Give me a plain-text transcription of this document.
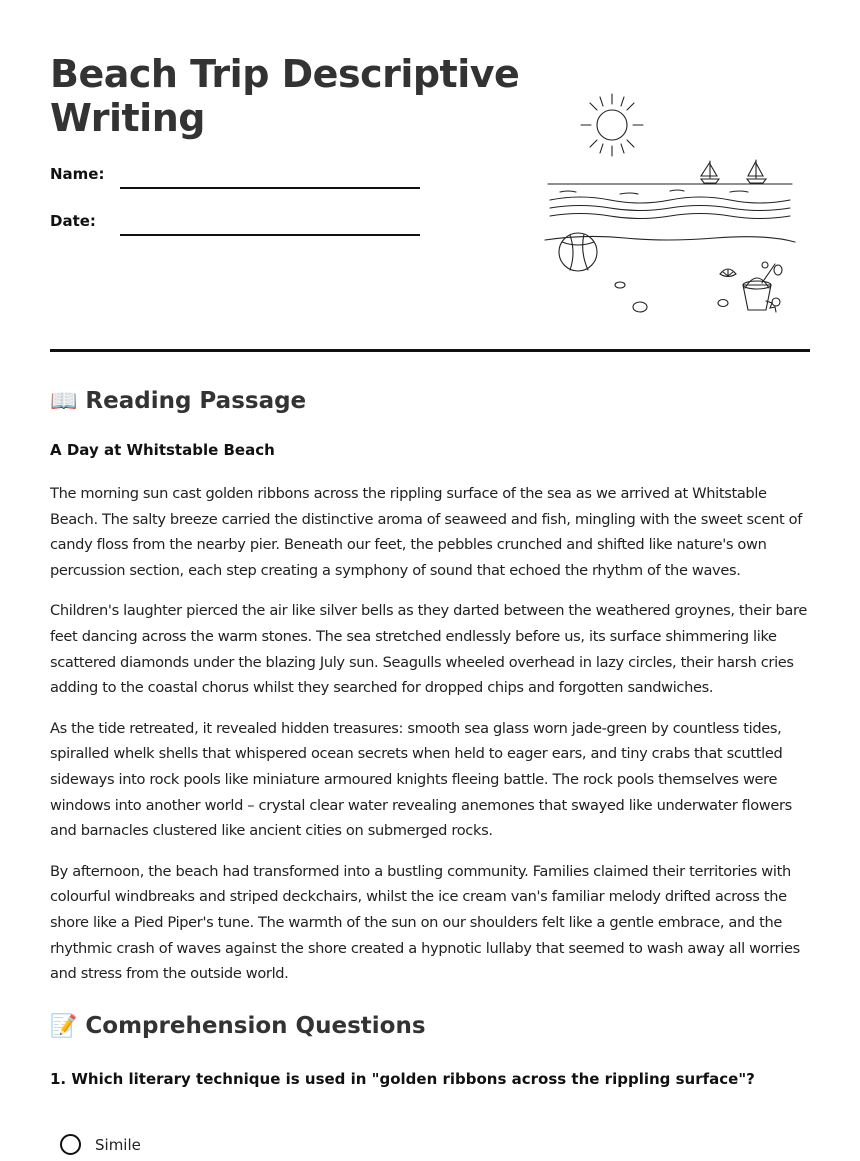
Beach Trip Descriptive Writing
Name:
Date:
📖 Reading Passage
A Day at Whitstable Beach

The morning sun cast golden ribbons across the rippling surface of the sea as we arrived at Whitstable Beach. The salty breeze carried the distinctive aroma of seaweed and fish, mingling with the sweet scent of candy floss from the nearby pier. Beneath our feet, the pebbles crunched and shifted like nature's own percussion section, each step creating a symphony of sound that echoed the rhythm of the waves.

Children's laughter pierced the air like silver bells as they darted between the weathered groynes, their bare feet dancing across the warm stones. The sea stretched endlessly before us, its surface shimmering like scattered diamonds under the blazing July sun. Seagulls wheeled overhead in lazy circles, their harsh cries adding to the coastal chorus whilst they searched for dropped chips and forgotten sandwiches.

As the tide retreated, it revealed hidden treasures: smooth sea glass worn jade-green by countless tides, spiralled whelk shells that whispered ocean secrets when held to eager ears, and tiny crabs that scuttled sideways into rock pools like miniature armoured knights fleeing battle. The rock pools themselves were windows into another world – crystal clear water revealing anemones that swayed like underwater flowers and barnacles clustered like ancient cities on submerged rocks.

By afternoon, the beach had transformed into a bustling community. Families claimed their territories with colourful windbreaks and striped deckchairs, whilst the ice cream van's familiar melody drifted across the shore like a Pied Piper's tune. The warmth of the sun on our shoulders felt like a gentle embrace, and the rhythmic crash of waves against the shore created a hypnotic lullaby that seemed to wash away all worries and stress from the outside world.

📝 Comprehension Questions
1. Which literary technique is used in "golden ribbons across the rippling surface"?
Simile
